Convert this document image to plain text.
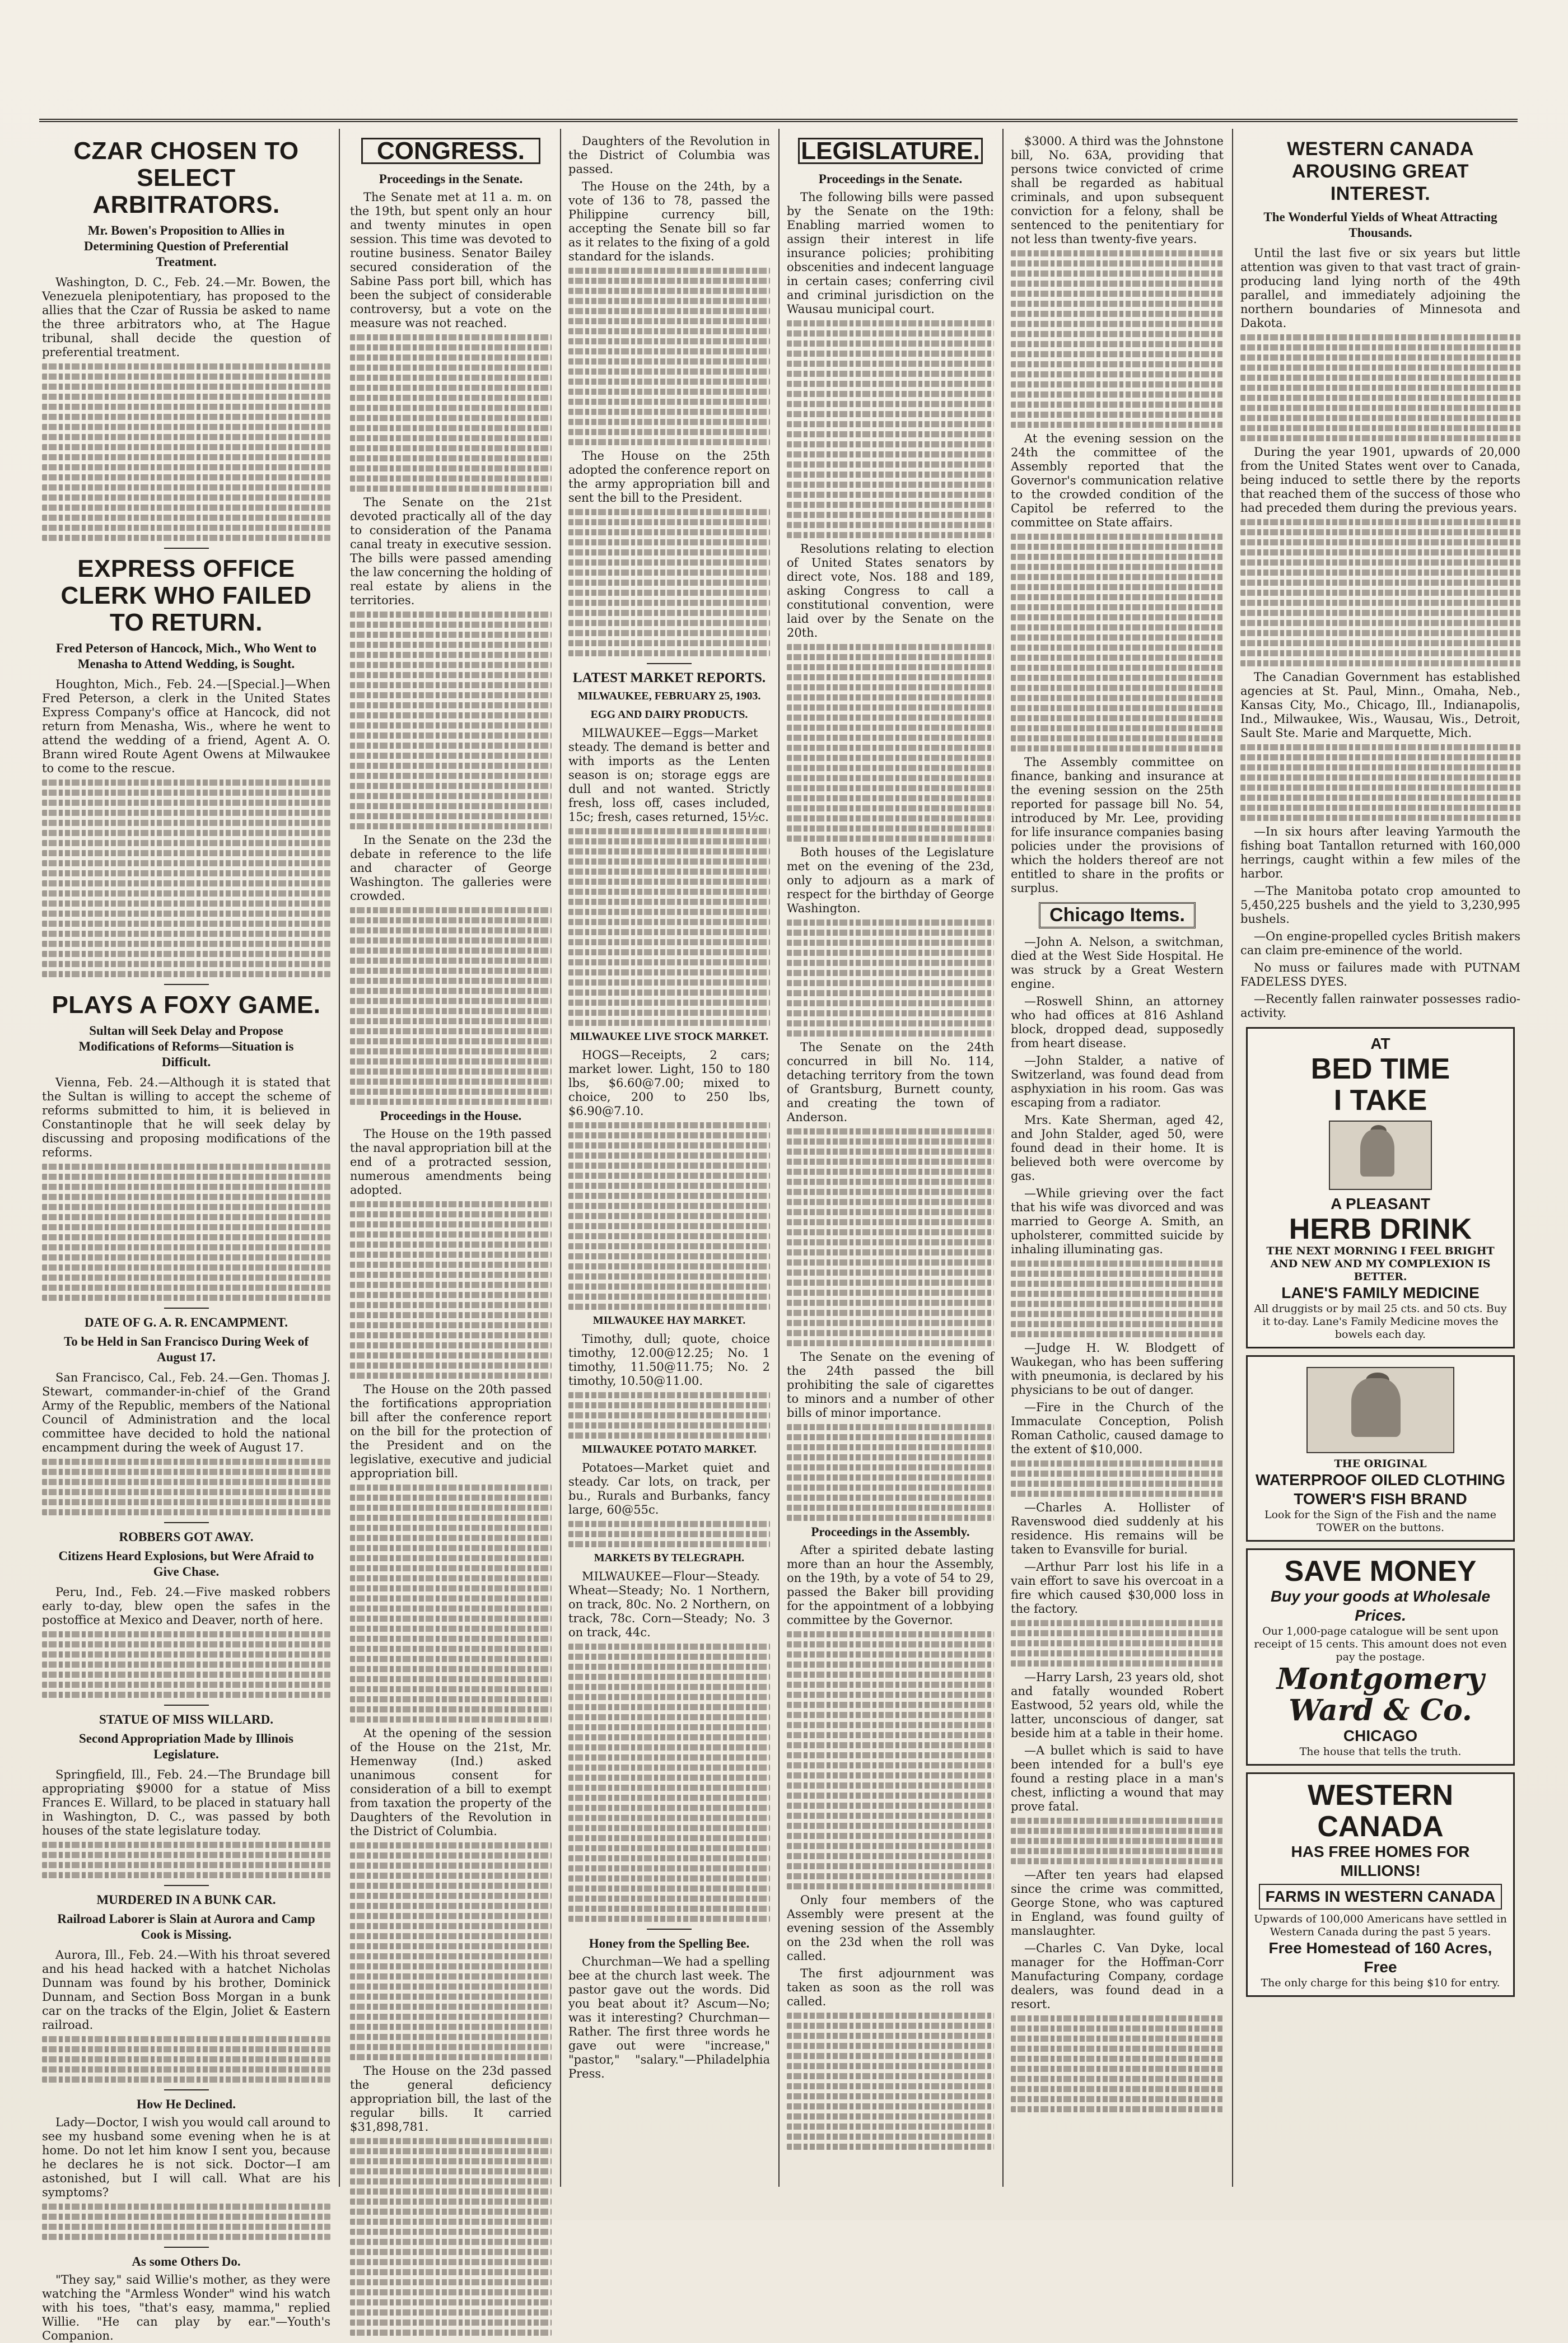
CZAR CHOSEN TO SELECT ARBITRATORS.
Mr. Bowen's Proposition to Allies in Determining Question of Preferential Treatment.

Washington, D. C., Feb. 24.—Mr. Bowen, the Venezuela plenipotentiary, has proposed to the allies that the Czar of Russia be asked to name the three arbitrators who, at The Hague tribunal, shall decide the question of preferential treatment.

EXPRESS OFFICE CLERK WHO FAILED TO RETURN.
Fred Peterson of Hancock, Mich., Who Went to Menasha to Attend Wedding, is Sought.

Houghton, Mich., Feb. 24.—[Special.]—When Fred Peterson, a clerk in the United States Express Company's office at Hancock, did not return from Menasha, Wis., where he went to attend the wedding of a friend, Agent A. O. Brann wired Route Agent Owens at Milwaukee to come to the rescue.

PLAYS A FOXY GAME.
Sultan will Seek Delay and Propose Modifications of Reforms—Situation is Difficult.

Vienna, Feb. 24.—Although it is stated that the Sultan is willing to accept the scheme of reforms submitted to him, it is believed in Constantinople that he will seek delay by discussing and proposing modifications of the reforms.

DATE OF G. A. R. ENCAMPMENT.
To be Held in San Francisco During Week of August 17.

San Francisco, Cal., Feb. 24.—Gen. Thomas J. Stewart, commander-in-chief of the Grand Army of the Republic, members of the National Council of Administration and the local committee have decided to hold the national encampment during the week of August 17.

ROBBERS GOT AWAY.
Citizens Heard Explosions, but Were Afraid to Give Chase.

Peru, Ind., Feb. 24.—Five masked robbers early to-day, blew open the safes in the postoffice at Mexico and Deaver, north of here.

STATUE OF MISS WILLARD.
Second Appropriation Made by Illinois Legislature.

Springfield, Ill., Feb. 24.—The Brundage bill appropriating $9000 for a statue of Miss Frances E. Willard, to be placed in statuary hall in Washington, D. C., was passed by both houses of the state legislature today.

MURDERED IN A BUNK CAR.
Railroad Laborer is Slain at Aurora and Camp Cook is Missing.

Aurora, Ill., Feb. 24.—With his throat severed and his head hacked with a hatchet Nicholas Dunnam was found by his brother, Dominick Dunnam, and Section Boss Morgan in a bunk car on the tracks of the Elgin, Joliet & Eastern railroad.

How He Declined.

Lady—Doctor, I wish you would call around to see my husband some evening when he is at home. Do not let him know I sent you, because he declares he is not sick. Doctor—I am astonished, but I will call. What are his symptoms?

As some Others Do.

"They say," said Willie's mother, as they were watching the "Armless Wonder" wind his watch with his toes, "that's easy, mamma," replied Willie. "He can play by ear."—Youth's Companion.

CONGRESS.
Proceedings in the Senate.

The Senate met at 11 a. m. on the 19th, but spent only an hour and twenty minutes in open session. This time was devoted to routine business. Senator Bailey secured consideration of the Sabine Pass port bill, which has been the subject of considerable controversy, but a vote on the measure was not reached.

The Senate on the 21st devoted practically all of the day to consideration of the Panama canal treaty in executive session. The bills were passed amending the law concerning the holding of real estate by aliens in the territories.

In the Senate on the 23d the debate in reference to the life and character of George Washington. The galleries were crowded.

Proceedings in the House.

The House on the 19th passed the naval appropriation bill at the end of a protracted session, numerous amendments being adopted.

The House on the 20th passed the fortifications appropriation bill after the conference report on the bill for the protection of the President and on the legislative, executive and judicial appropriation bill.

At the opening of the session of the House on the 21st, Mr. Hemenway (Ind.) asked unanimous consent for consideration of a bill to exempt from taxation the property of the Daughters of the Revolution in the District of Columbia.

The House on the 23d passed the general deficiency appropriation bill, the last of the regular bills. It carried $31,898,781.

Daughters of the Revolution in the District of Columbia was passed.

The House on the 24th, by a vote of 136 to 78, passed the Philippine currency bill, accepting the Senate bill so far as it relates to the fixing of a gold standard for the islands.

The House on the 25th adopted the conference report on the army appropriation bill and sent the bill to the President.

LATEST MARKET REPORTS.
MILWAUKEE, FEBRUARY 25, 1903.
EGG AND DAIRY PRODUCTS.

MILWAUKEE—Eggs—Market steady. The demand is better and with imports as the Lenten season is on; storage eggs are dull and not wanted. Strictly fresh, loss off, cases included, 15c; fresh, cases returned, 15½c.

MILWAUKEE LIVE STOCK MARKET.

HOGS—Receipts, 2 cars; market lower. Light, 150 to 180 lbs, $6.60@7.00; mixed to choice, 200 to 250 lbs, $6.90@7.10.

MILWAUKEE HAY MARKET.

Timothy, dull; quote, choice timothy, 12.00@12.25; No. 1 timothy, 11.50@11.75; No. 2 timothy, 10.50@11.00.

MILWAUKEE POTATO MARKET.

Potatoes—Market quiet and steady. Car lots, on track, per bu., Rurals and Burbanks, fancy large, 60@55c.

MARKETS BY TELEGRAPH.

MILWAUKEE—Flour—Steady. Wheat—Steady; No. 1 Northern, on track, 80c. No. 2 Northern, on track, 78c. Corn—Steady; No. 3 on track, 44c.

Honey from the Spelling Bee.

Churchman—We had a spelling bee at the church last week. The pastor gave out the words. Did you beat about it? Ascum—No; was it interesting? Churchman—Rather. The first three words he gave out were "increase," "pastor," "salary."—Philadelphia Press.

LEGISLATURE.
Proceedings in the Senate.

The following bills were passed by the Senate on the 19th: Enabling married women to assign their interest in life insurance policies; prohibiting obscenities and indecent language in certain cases; conferring civil and criminal jurisdiction on the Wausau municipal court.

Resolutions relating to election of United States senators by direct vote, Nos. 188 and 189, asking Congress to call a constitutional convention, were laid over by the Senate on the 20th.

Both houses of the Legislature met on the evening of the 23d, only to adjourn as a mark of respect for the birthday of George Washington.

The Senate on the 24th concurred in bill No. 114, detaching territory from the town of Grantsburg, Burnett county, and creating the town of Anderson.

The Senate on the evening of the 24th passed the bill prohibiting the sale of cigarettes to minors and a number of other bills of minor importance.

Proceedings in the Assembly.

After a spirited debate lasting more than an hour the Assembly, on the 19th, by a vote of 54 to 29, passed the Baker bill providing for the appointment of a lobbying committee by the Governor.

Only four members of the Assembly were present at the evening session of the Assembly on the 23d when the roll was called.

The first adjournment was taken as soon as the roll was called.

$3000. A third was the Johnstone bill, No. 63A, providing that persons twice convicted of crime shall be regarded as habitual criminals, and upon subsequent conviction for a felony, shall be sentenced to the penitentiary for not less than twenty-five years.

At the evening session on the 24th the committee of the Assembly reported that the Governor's communication relative to the crowded condition of the Capitol be referred to the committee on State affairs.

The Assembly committee on finance, banking and insurance at the evening session on the 25th reported for passage bill No. 54, introduced by Mr. Lee, providing for life insurance companies basing policies under the provisions of which the holders thereof are not entitled to share in the profits or surplus.

Chicago Items.

—John A. Nelson, a switchman, died at the West Side Hospital. He was struck by a Great Western engine.

—Roswell Shinn, an attorney who had offices at 816 Ashland block, dropped dead, supposedly from heart disease.

—John Stalder, a native of Switzerland, was found dead from asphyxiation in his room. Gas was escaping from a radiator.

Mrs. Kate Sherman, aged 42, and John Stalder, aged 50, were found dead in their home. It is believed both were overcome by gas.

—While grieving over the fact that his wife was divorced and was married to George A. Smith, an upholsterer, committed suicide by inhaling illuminating gas.

—Judge H. W. Blodgett of Waukegan, who has been suffering with pneumonia, is declared by his physicians to be out of danger.

—Fire in the Church of the Immaculate Conception, Polish Roman Catholic, caused damage to the extent of $10,000.

—Charles A. Hollister of Ravenswood died suddenly at his residence. His remains will be taken to Evansville for burial.

—Arthur Parr lost his life in a vain effort to save his overcoat in a fire which caused $30,000 loss in the factory.

—Harry Larsh, 23 years old, shot and fatally wounded Robert Eastwood, 52 years old, while the latter, unconscious of danger, sat beside him at a table in their home.

—A bullet which is said to have been intended for a bull's eye found a resting place in a man's chest, inflicting a wound that may prove fatal.

—After ten years had elapsed since the crime was committed, George Stone, who was captured in England, was found guilty of manslaughter.

—Charles C. Van Dyke, local manager for the Hoffman-Corr Manufacturing Company, cordage dealers, was found dead in a resort.

WESTERN CANADA AROUSING GREAT INTEREST.
The Wonderful Yields of Wheat Attracting Thousands.

Until the last five or six years but little attention was given to that vast tract of grain-producing land lying north of the 49th parallel, and immediately adjoining the northern boundaries of Minnesota and Dakota.

During the year 1901, upwards of 20,000 from the United States went over to Canada, being induced to settle there by the reports that reached them of the success of those who had preceded them during the previous years.

The Canadian Government has established agencies at St. Paul, Minn., Omaha, Neb., Kansas City, Mo., Chicago, Ill., Indianapolis, Ind., Milwaukee, Wis., Wausau, Wis., Detroit, Sault Ste. Marie and Marquette, Mich.

—In six hours after leaving Yarmouth the fishing boat Tantallon returned with 160,000 herrings, caught within a few miles of the harbor.

—The Manitoba potato crop amounted to 5,450,225 bushels and the yield to 3,230,995 bushels.

—On engine-propelled cycles British makers can claim pre-eminence of the world.

No muss or failures made with PUTNAM FADELESS DYES.

—Recently fallen rainwater possesses radio-activity.

AT
BED TIME
I TAKE
A PLEASANT
HERB DRINK
THE NEXT MORNING I FEEL BRIGHT AND NEW AND MY COMPLEXION IS BETTER.
LANE'S FAMILY MEDICINE
All druggists or by mail 25 cts. and 50 cts. Buy it to-day. Lane's Family Medicine moves the bowels each day.
THE ORIGINAL
WATERPROOF OILED CLOTHING
TOWER'S FISH BRAND
Look for the Sign of the Fish and the name TOWER on the buttons.
SAVE MONEY
Buy your goods at Wholesale Prices.
Our 1,000-page catalogue will be sent upon receipt of 15 cents. This amount does not even pay the postage.
Montgomery Ward & Co.
CHICAGO
The house that tells the truth.
WESTERN CANADA
HAS FREE HOMES FOR MILLIONS!
FARMS IN WESTERN CANADA
Upwards of 100,000 Americans have settled in Western Canada during the past 5 years.
Free Homestead of 160 Acres, Free
The only charge for this being $10 for entry.
